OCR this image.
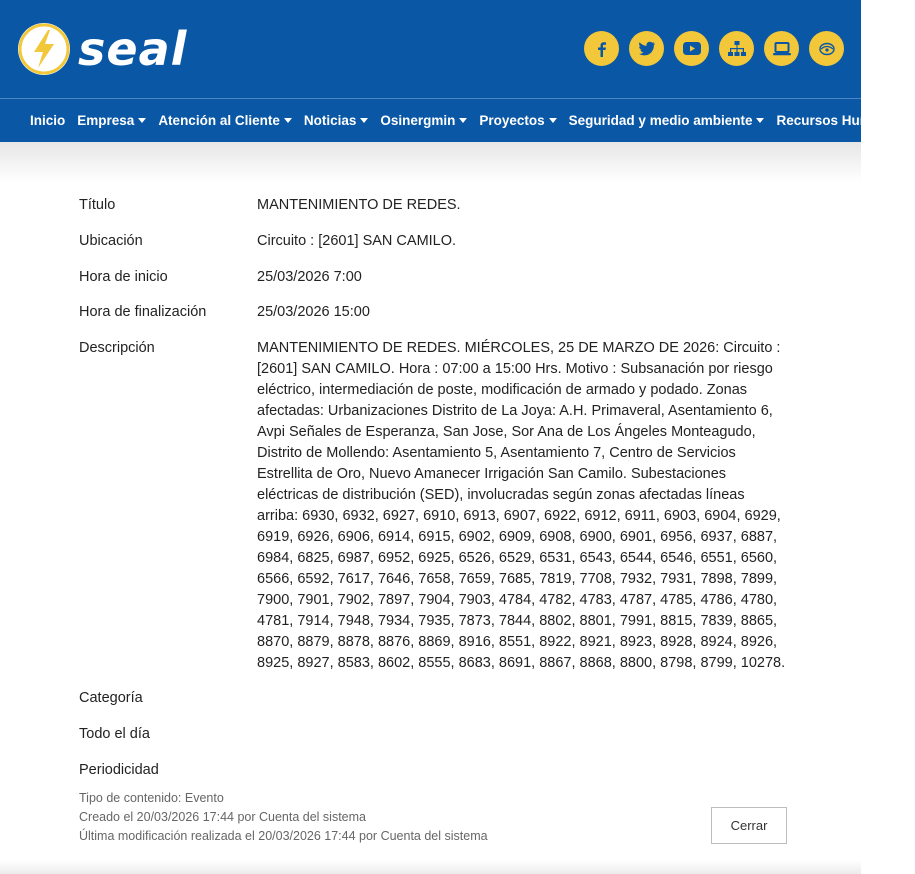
seal
Inicio Empresa Atención al Cliente Noticias Osinergmin Proyectos Seguridad y medio ambiente Recursos Humanos
Título	MANTENIMIENTO DE REDES.
Ubicación	Circuito : [2601] SAN CAMILO.
Hora de inicio	25/03/2026 7:00
Hora de finalización	25/03/2026 15:00
Descripción	MANTENIMIENTO DE REDES. MIÉRCOLES, 25 DE MARZO DE 2026: Circuito : [2601] SAN CAMILO. Hora : 07:00 a 15:00 Hrs. Motivo : Subsanación por riesgo eléctrico, intermediación de poste, modificación de armado y podado. Zonas afectadas: Urbanizaciones Distrito de La Joya: A.H. Primaveral, Asentamiento 6, Avpi Señales de Esperanza, San Jose, Sor Ana de Los Ángeles Monteagudo, Distrito de Mollendo: Asentamiento 5, Asentamiento 7, Centro de Servicios Estrellita de Oro, Nuevo Amanecer Irrigación San Camilo. Subestaciones eléctricas de distribución (SED), involucradas según zonas afectadas líneas arriba: 6930, 6932, 6927, 6910, 6913, 6907, 6922, 6912, 6911, 6903, 6904, 6929, 6919, 6926, 6906, 6914, 6915, 6902, 6909, 6908, 6900, 6901, 6956, 6937, 6887, 6984, 6825, 6987, 6952, 6925, 6526, 6529, 6531, 6543, 6544, 6546, 6551, 6560, 6566, 6592, 7617, 7646, 7658, 7659, 7685, 7819, 7708, 7932, 7931, 7898, 7899, 7900, 7901, 7902, 7897, 7904, 7903, 4784, 4782, 4783, 4787, 4785, 4786, 4780, 4781, 7914, 7948, 7934, 7935, 7873, 7844, 8802, 8801, 7991, 8815, 7839, 8865, 8870, 8879, 8878, 8876, 8869, 8916, 8551, 8922, 8921, 8923, 8928, 8924, 8926, 8925, 8927, 8583, 8602, 8555, 8683, 8691, 8867, 8868, 8800, 8798, 8799, 10278.
Categoría
Todo el día
Periodicidad
Tipo de contenido: Evento
Creado el 20/03/2026 17:44 por Cuenta del sistema
Última modificación realizada el 20/03/2026 17:44 por Cuenta del sistema
Cerrar
